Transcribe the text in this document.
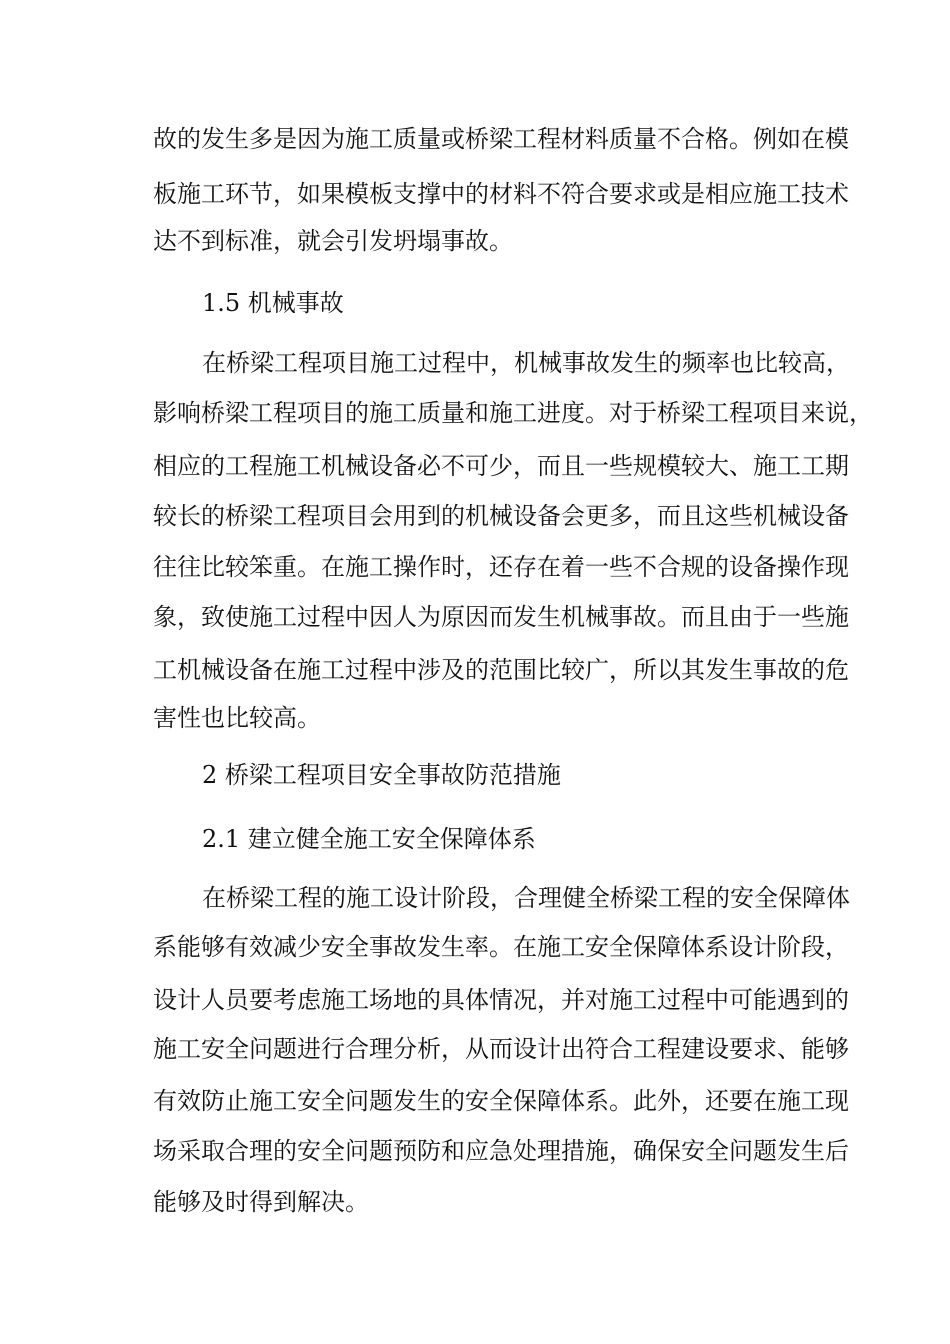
故的发生多是因为施工质量或桥梁工程材料质量不合格。例如在模

板施工环节，如果模板支撑中的材料不符合要求或是相应施工技术

达不到标准，就会引发坍塌事故。

1.5 机械事故

在桥梁工程项目施工过程中，机械事故发生的频率也比较高，

影响桥梁工程项目的施工质量和施工进度。对于桥梁工程项目来说，

相应的工程施工机械设备必不可少，而且一些规模较大、施工工期

较长的桥梁工程项目会用到的机械设备会更多，而且这些机械设备

往往比较笨重。在施工操作时，还存在着一些不合规的设备操作现

象，致使施工过程中因人为原因而发生机械事故。而且由于一些施

工机械设备在施工过程中涉及的范围比较广，所以其发生事故的危

害性也比较高。

2 桥梁工程项目安全事故防范措施

2.1 建立健全施工安全保障体系

在桥梁工程的施工设计阶段，合理健全桥梁工程的安全保障体

系能够有效减少安全事故发生率。在施工安全保障体系设计阶段，

设计人员要考虑施工场地的具体情况，并对施工过程中可能遇到的

施工安全问题进行合理分析，从而设计出符合工程建设要求、能够

有效防止施工安全问题发生的安全保障体系。此外，还要在施工现

场采取合理的安全问题预防和应急处理措施，确保安全问题发生后

能够及时得到解决。
